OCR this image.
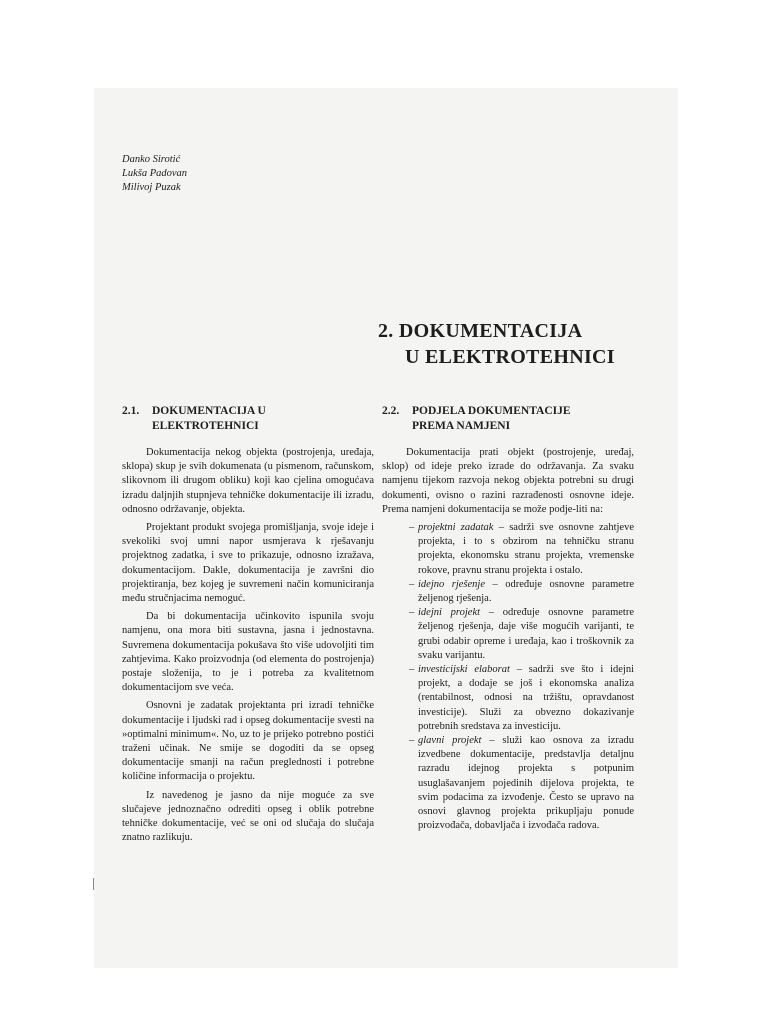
Danko Sirotić
Lukša Padovan
Milivoj Puzak
2. DOKUMENTACIJA
U ELEKTROTEHNICI
2.1. DOKUMENTACIJA U
ELEKTROTEHNICI

Dokumentacija nekog objekta (postrojenja, uređaja, sklopa) skup je svih dokumenata (u pismenom, računskom, slikovnom ili drugom obliku) koji kao cjelina omogućava izradu daljnjih stupnjeva tehničke dokumentacije ili izradu, odnosno održavanje, objekta.

Projektant produkt svojega promišljanja, svoje ideje i svekoliki svoj umni napor usmjerava k rješavanju projektnog zadatka, i sve to prikazuje, odnosno izražava, dokumentacijom. Dakle, dokumentacija je završni dio projektiranja, bez kojeg je suvremeni način komuniciranja među stručnjacima nemoguć.

Da bi dokumentacija učinkovito ispunila svoju namjenu, ona mora biti sustavna, jasna i jednostavna. Suvremena dokumentacija pokušava što više udovoljiti tim zahtjevima. Kako proizvodnja (od elementa do postrojenja) postaje složenija, to je i potreba za kvalitetnom dokumentacijom sve veća.

Osnovni je zadatak projektanta pri izradi tehničke dokumentacije i ljudski rad i opseg dokumentacije svesti na »optimalni minimum«. No, uz to je prijeko potrebno postići traženi učinak. Ne smije se dogoditi da se opseg dokumentacije smanji na račun preglednosti i potrebne količine informacija o projektu.

Iz navedenog je jasno da nije moguće za sve slučajeve jednoznačno odrediti opseg i oblik potrebne tehničke dokumentacije, već se oni od slučaja do slučaja znatno razlikuju.

2.2. PODJELA DOKUMENTACIJE
PREMA NAMJENI

Dokumentacija prati objekt (postrojenje, uređaj, sklop) od ideje preko izrade do održavanja. Za svaku namjenu tijekom razvoja nekog objekta potrebni su drugi dokumenti, ovisno o razini razrađenosti osnovne ideje. Prema namjeni dokumentacija se može podje-liti na:

– projektni zadatak – sadrži sve osnovne zahtjeve projekta, i to s obzirom na tehničku stranu projekta, ekonomsku stranu projekta, vremenske rokove, pravnu stranu projekta i ostalo.
– idejno rješenje – određuje osnovne parametre željenog rješenja.
– idejni projekt – određuje osnovne parametre željenog rješenja, daje više mogućih varijanti, te grubi odabir opreme i uređaja, kao i troškovnik za svaku varijantu.
– investicijski elaborat – sadrži sve što i idejni projekt, a dodaje se još i ekonomska analiza (rentabilnost, odnosi na tržištu, opravdanost investicije). Služi za obvezno dokazivanje potrebnih sredstava za investiciju.
– glavni projekt – služi kao osnova za izradu izvedbene dokumentacije, predstavlja detaljnu razradu idejnog projekta s potpunim usuglašavanjem pojedinih dijelova projekta, te svim podacima za izvođenje. Često se upravo na osnovi glavnog projekta prikupljaju ponude proizvođača, dobavljača i izvođača radova.
